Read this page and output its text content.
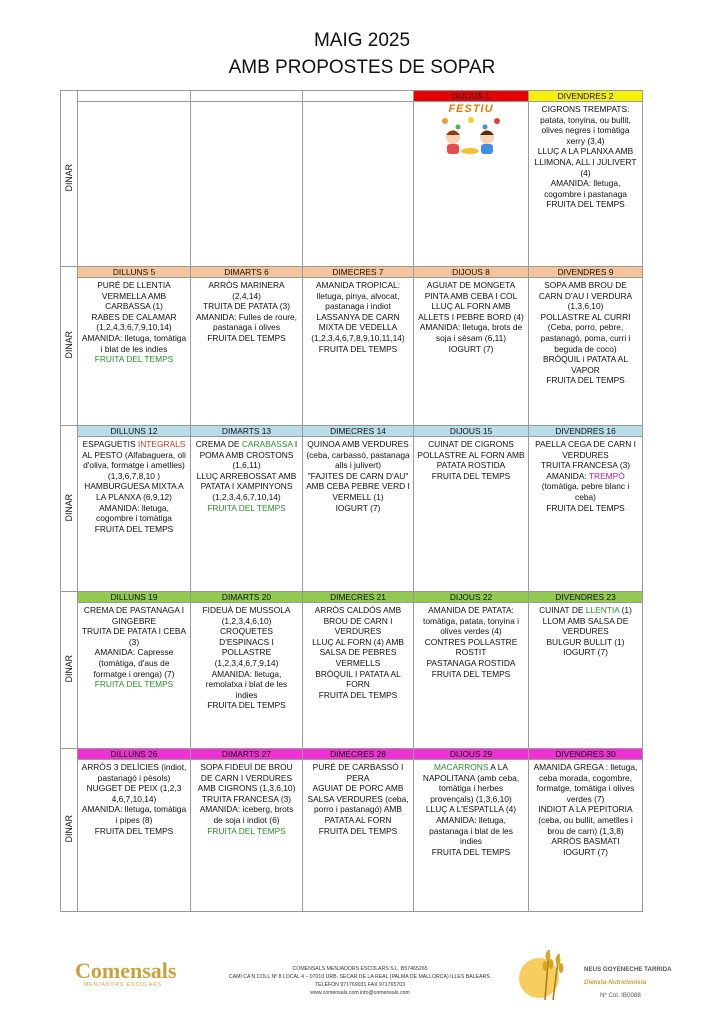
MAIG 2025
AMB PROPOSTES DE SOPAR
DINAR				DIJOUS 1	DIVENDRES 2

				FESTIU	CIGRONS TREMPATS: patata, tonyina, ou bullit, olives negres i tomàtiga xerry (3,4)
LLUÇ A LA PLANXA AMB LLIMONA, ALL I JULIVERT (4)
AMANIDA: lletuga, cogombre i pastanaga
FRUITA DEL TEMPS

DINAR	DILLUNS 5	DIMARTS 6	DIMECRES 7	DIJOUS 8	DIVENDRES 9

	PURÉ DE LLENTIA VERMELLA AMB CARBASSA (1)
RABES DE CALAMAR (1,2,4,3,6,7,9,10,14)
AMANIDA: lletuga, tomàtiga i blat de les indies
FRUITA DEL TEMPS	ARRÒS MARINERA (2,4,14)
TRUITA DE PATATA (3)
AMANIDA: Fulles de roure, pastanaga i olives
FRUITA DEL TEMPS	AMANIDA TROPICAL: lletuga, pinya, alvocat, pastanaga i indiot
LASSANYA DE CARN MIXTA DE VEDELLA (1,2,3,4,6,7,8,9,10,11,14)
FRUITA DEL TEMPS	AGUIAT DE MONGETA PINTA AMB CEBA I COL
LLUÇ AL FORN AMB ALLETS I PEBRE BORD (4)
AMANIDA: lletuga, brots de soja i sèsam (6,11)
IOGURT (7)	SOPA AMB BROU DE CARN D'AU I VERDURA (1,3,6,10)
POLLASTRE AL CURRI (Ceba, porro, pebre, pastanagó, poma, curri i beguda de coco)
BRÒQUIL i PATATA AL VAPOR
FRUITA DEL TEMPS

DINAR	DILLUNS 12	DIMARTS 13	DIMECRES 14	DIJOUS 15	DIVENDRES 16

	ESPAGUETIS INTEGRALS AL PESTO (Alfabaguera, oli d'oliva, formatge i ametlles) (1,3,6,7,8,10 )
HAMBURGUESA MIXTA A LA PLANXA (6,9,12)
AMANIDA: lletuga, cogombre i tomàtiga
FRUITA DEL TEMPS	CREMA DE CARABASSA I POMA AMB CROSTONS (1,6,11)
LLUÇ ARREBOSSAT AMB PATATA I XAMPINYONS (1,2,3,4,6,7,10,14)
FRUITA DEL TEMPS	QUINOA AMB VERDURES (ceba, carbassó, pastanaga alls i julivert)
"FAJITES DE CARN D'AU" AMB CEBA PEBRE VERD I VERMELL (1)
IOGURT (7)	CUINAT DE CIGRONS
POLLASTRE AL FORN AMB PATATA ROSTIDA
FRUITA DEL TEMPS	PAELLA CEGA DE CARN I VERDURES
TRUITA FRANCESA (3)
AMANIDA: TREMPÓ (tomàtiga, pebre blanc i ceba)
FRUITA DEL TEMPS

DINAR	DILLUNS 19	DIMARTS 20	DIMECRES 21	DIJOUS 22	DIVENDRES 23

	CREMA DE PASTANAGA I GINGEBRE
TRUITA DE PATATA I CEBA (3)
AMANIDA: Capresse (tomàtiga, d'aus de formatge i orenga) (7)
FRUITA DEL TEMPS	FIDEUÀ DE MUSSOLA (1,2,3,4,6,10)
CROQUETES D'ESPINACS I POLLASTRE (1,2,3,4,6,7,9,14)
AMANIDA: lletuga, remolatxa i blat de les indies
FRUITA DEL TEMPS	ARRÒS CALDÓS AMB BROU DE CARN I VERDURES
LLUÇ AL FORN (4) AMB SALSA DE PEBRES VERMELLS
BRÒQUIL I PATATA AL FORN
FRUITA DEL TEMPS	AMANIDA DE PATATA: tomàtiga, patata, tonyina i olives verdes (4)
CONTRES POLLASTRE ROSTIT
PASTANAGA ROSTIDA
FRUITA DEL TEMPS	CUINAT DE LLENTIA (1)
LLOM AMB SALSA DE VERDURES
BULGUR BULLIT (1)
IOGURT (7)

DINAR	DILLUNS 26	DIMARTS 27	DIMECRES 28	DIJOUS 29	DIVENDRES 30

	ARRÒS 3 DELÍCIES (indiot, pastanagó i pèsols)
NUGGET DE PEIX (1,2,3 4,6,7,10,14)
AMANIDA: lletuga, tomàtiga i pipes (8)
FRUITA DEL TEMPS	SOPA FIDEUÍ DE BROU DE CARN I VERDURES AMB CIGRONS (1,3,6,10)
TRUITA FRANCESA (3)
AMANIDA: iceberg, brots de soja i indiot (6)
FRUITA DEL TEMPS	PURÉ DE CARBASSÓ I PERA
AGUIAT DE PORC AMB SALSA VERDURES (ceba, porro i pastanagó) AMB PATATA AL FORN
FRUITA DEL TEMPS	MACARRONS A LA NAPOLITANA (amb ceba, tomàtiga i herbes provençals) (1,3,6,10)
LLUÇ A L'ESPATLLA (4)
AMANIDA: lletuga, pastanaga i blat de les indies
FRUITA DEL TEMPS	AMANIDA GREGA : lletuga, ceba morada, cogombre, formatge, tomàtiga i olives verdes (7)
INDIOT A LA PEPITORIA (ceba, ou bullit, ametlles i brou de carn) (1,3,8)
ARRÒS BASMATI
IOGURT (7)
Comensals
MENJADORS ESCOLARS
COMENSALS MENJADORS ESCOLARS S.L. B57465265
CAMÍ CA'N COLL Nº 8 LOCAL 4 – 07010 URB. SECAR DE LA REAL (PALMA DE MALLORCA) ILLES BALEARS.
TELÈFON 971769031 FAX 971765703
www.comensals.com info@comensals.com
NEUS GOYENECHE TARRIDA
Dietista-Nutricionista
Nº Col. IB0088
